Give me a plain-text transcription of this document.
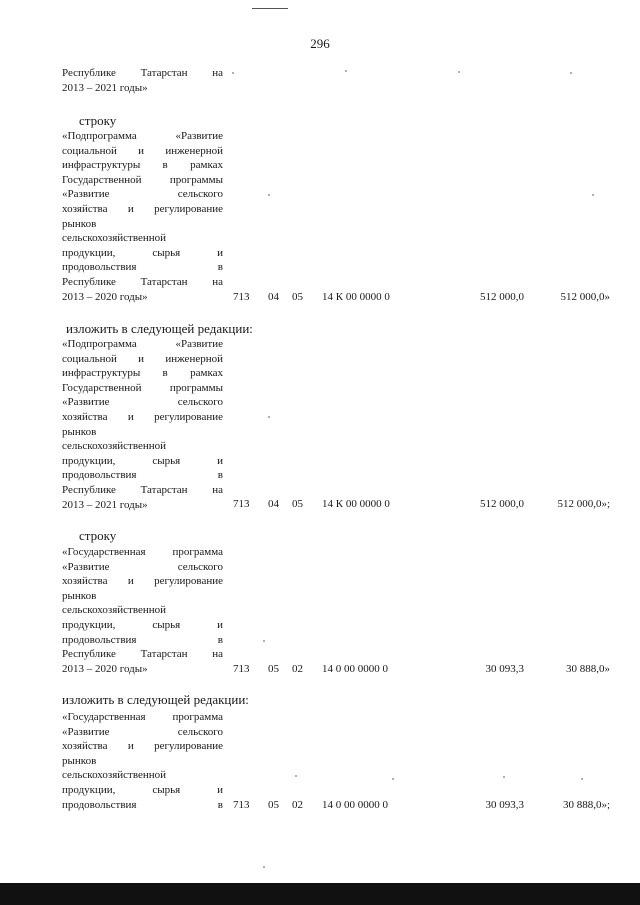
296
Республике Татарстан на
2013 – 2021 годы»
строку
«Подпрограмма «Развитие
социальной и инженерной
инфраструктуры в рамках
Государственной программы
«Развитие сельского
хозяйства и регулирование
рынков
сельскохозяйственной
продукции, сырья и
продовольствия в
Республике Татарстан на
2013 – 2020 годы»	713 04 05 14 К 00 0000 0	512 000,0	512 000,0»
изложить в следующей редакции:
«Подпрограмма «Развитие
социальной и инженерной
инфраструктуры в рамках
Государственной программы
«Развитие сельского
хозяйства и регулирование
рынков
сельскохозяйственной
продукции, сырья и
продовольствия в
Республике Татарстан на
2013 – 2021 годы»	713 04 05 14 К 00 0000 0	512 000,0	512 000,0»;
строку
«Государственная программа
«Развитие сельского
хозяйства и регулирование
рынков
сельскохозяйственной
продукции, сырья и
продовольствия в
Республике Татарстан на
2013 – 2020 годы»	713 05 02 14 0 00 0000 0	30 093,3	30 888,0»
изложить в следующей редакции:
«Государственная программа
«Развитие сельского
хозяйства и регулирование
рынков
сельскохозяйственной
продукции, сырья и
продовольствия в 713 05 02 14 0 00 0000 0	30 093,3	30 888,0»;
